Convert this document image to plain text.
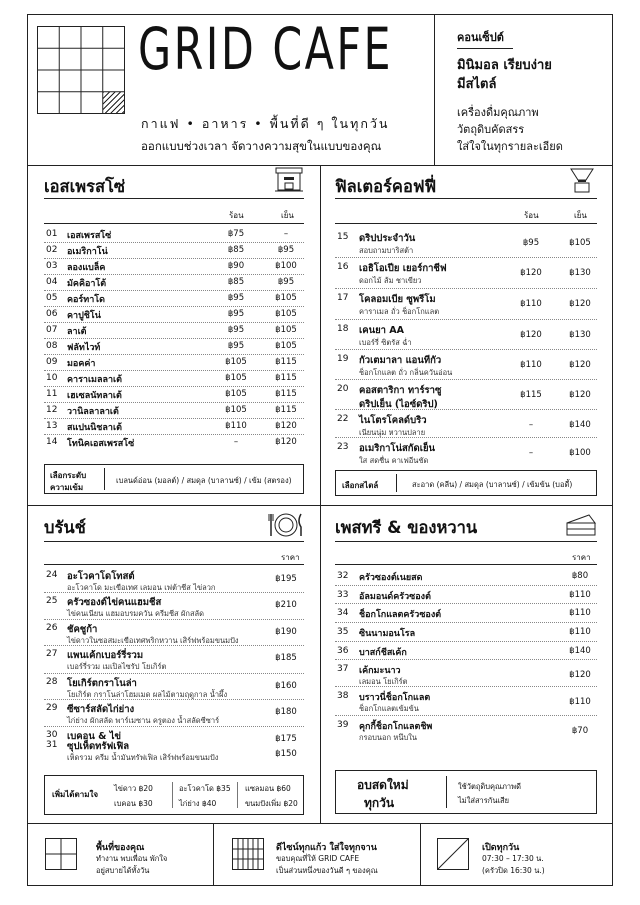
GRID CAFE
กาแฟ • อาหาร • พื้นที่ดี ๆ ในทุกวัน
ออกแบบช่วงเวลา จัดวางความสุขในแบบของคุณ
คอนเซ็ปต์
มินิมอล เรียบง่าย
มีสไตล์
เครื่องดื่มคุณภาพ
วัตถุดิบคัดสรร
ใส่ใจในทุกรายละเอียด
เอสเพรสโซ่
ร้อน	เย็น
01 เอสเพรสโซ่	฿75	–
02 อเมริกาโน่	฿85	฿95
03 ลองแบล็ค	฿90	฿100
04 มัคคิอาโต้	฿85	฿95
05 คอร์ทาโด	฿95	฿105
06 คาปูชิโน่	฿95	฿105
07 ลาเต้	฿95	฿105
08 ฟลัทไวท์	฿95	฿105
09 มอคค่า	฿105	฿115
10 คาราเมลลาเต้	฿105	฿115
11 เฮเซลนัทลาเต้	฿105	฿115
12 วานิลลาลาเต้	฿105	฿115
13 สแปนนิชลาเต้	฿110	฿120
14 โทนิคเอสเพรสโซ่	–	฿120
เลือกระดับ
ความเข้ม
เบลนด์อ่อน (มอลต์) / สมดุล (บาลานซ์) / เข้ม (สตรอง)
ฟิลเตอร์คอฟฟี่
ร้อน	เย็น
15 ดริปประจำวัน
สอบถามบาริสต้า
฿95	฿105
16 เอธิโอเปีย เยอร์กาชีฟ
ดอกไม้ ส้ม ชาเขียว
฿120	฿130
17 โคลอมเบีย ซูพรีโม
คาราเมล ถั่ว ช็อกโกแลต
฿110	฿120
18 เคนยา AA
เบอร์รี่ ซิตรัส ฉ่ำ
฿120	฿130
19 กัวเตมาลา แอนทีกัว
ช็อกโกแลต ถั่ว กลิ่นควันอ่อน
฿110	฿120
20 คอสตาริกา ทาร์ราซู
ดริปเย็น (ไอซ์ดริป)
฿115	฿120
22 ไนโตรโคลด์บริว
เนียนนุ่ม หวานปลาย
–	฿140
23 อเมริกาโน่สกัดเย็น
ใส สดชื่น คาเฟอีนชัด
–	฿100
เลือกสไตล์	สะอาด (คลีน) / สมดุล (บาลานซ์) / เข้มข้น (บอดี้)
บรันช์
ราคา
24 อะโวคาโดโทสต์
อะโวคาโด มะเขือเทศ เลมอน เฟต้าชีส ไข่ลวก
฿195
25 ครัวซองต์ไข่คนแฮมชีส
ไข่คนเนียน แฮมอบรมควัน ครีมชีส ผักสลัด
฿210
26 ชัคชูก้า
ไข่ดาวในซอสมะเขือเทศพริกหวาน เสิร์ฟพร้อมขนมปัง
฿190
27 แพนเค้กเบอร์รี่รวม
เบอร์รี่รวม เมเปิลไซรัป โยเกิร์ต
฿185
28 โยเกิร์ตกราโนล่า
โยเกิร์ต กราโนล่าโฮมเมด ผลไม้ตามฤดูกาล น้ำผึ้ง
฿160
29 ซีซาร์สลัดไก่ย่าง
ไก่ย่าง ผักสลัด พาร์เมซาน ครูตอง น้ำสลัดซีซาร์
฿180
30 เบคอน & ไข่	฿175
31 ซุปเห็ดทรัฟเฟิล
เห็ดรวม ครีม น้ำมันทรัฟเฟิล เสิร์ฟพร้อมขนมปัง	฿150
เพิ่มได้ตามใจ
ไข่ดาว ฿20	อะโวคาโด ฿35 แซลมอน ฿60
เบคอน ฿30	ไก่ย่าง ฿40	ขนมปังเพิ่ม ฿20
เพสทรี & ของหวาน
ราคา
32 ครัวซองต์เนยสด	฿80
33 อัลมอนด์ครัวซองต์	฿110
34 ช็อกโกแลตครัวซองต์	฿110
35 ซินนามอนโรล	฿110
36 บาสก์ชีสเค้ก	฿140
37 เค้กมะนาว
เลมอน โยเกิร์ต
฿120
38 บราวนี่ช็อกโกแลต
ช็อกโกแลตเข้มข้น
฿110
39 คุกกี้ช็อกโกแลตชิพ
กรอบนอก หนึบใน
฿70
อบสดใหม่
ทุกวัน
ใช้วัตถุดิบคุณภาพดี
ไม่ใส่สารกันเสีย
พื้นที่ของคุณ
ทำงาน พบเพื่อน พักใจ
อยู่สบายได้ทั้งวัน
ดีไซน์ทุกแก้ว ใส่ใจทุกจาน
ขอบคุณที่ให้ GRID CAFE
เป็นส่วนหนึ่งของวันดี ๆ ของคุณ
เปิดทุกวัน
07:30 – 17:30 น.
(ครัวปิด 16:30 น.)
